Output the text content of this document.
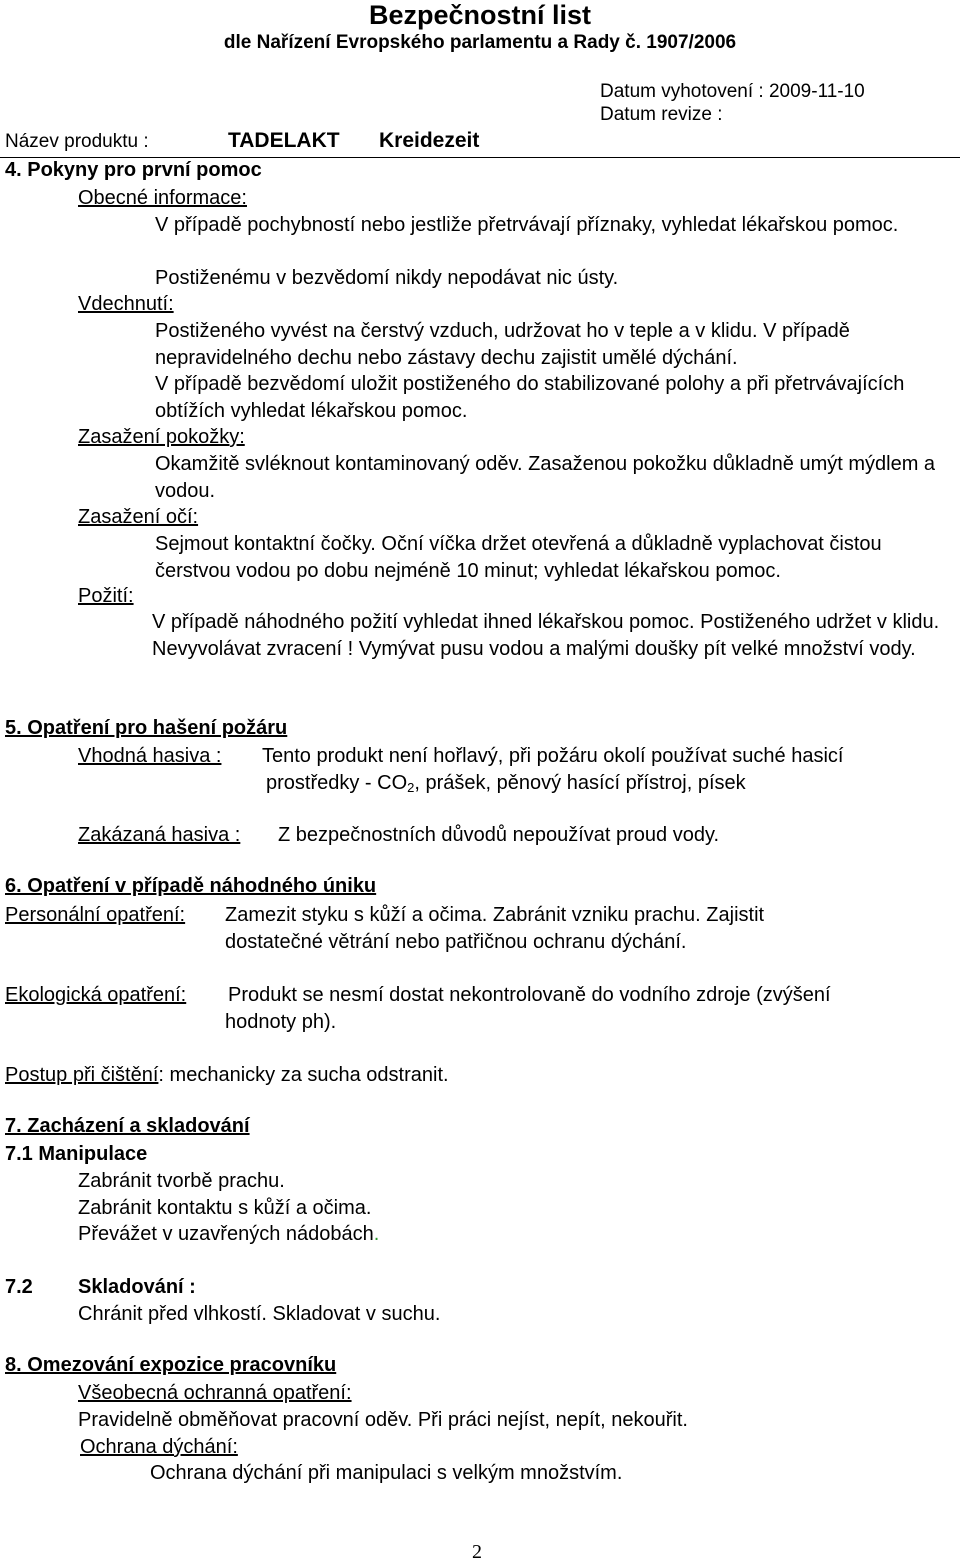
Bezpečnostní list
dle Nařízení Evropského parlamentu a Rady č. 1907/2006
Datum vyhotovení : 2009-11-10
Datum revize :
Název produktu :	TADELAKT Kreidezeit
4. Pokyny pro první pomoc
Obecné informace:
V případě pochybností nebo jestliže přetrvávají příznaky, vyhledat lékařskou pomoc.
Postiženému v bezvědomí nikdy nepodávat nic ústy.
Vdechnutí:
Postiženého vyvést na čerstvý vzduch, udržovat ho v teple a v klidu. V případě nepravidelného dechu nebo zástavy dechu zajistit umělé dýchání.
V případě bezvědomí uložit postiženého do stabilizované polohy a při přetrvávajících obtížích vyhledat lékařskou pomoc.
Zasažení pokožky:
Okamžitě svléknout kontaminovaný oděv. Zasaženou pokožku důkladně umýt mýdlem a vodou.
Zasažení očí:
Sejmout kontaktní čočky. Oční víčka držet otevřená a důkladně vyplachovat čistou čerstvou vodou po dobu nejméně 10 minut; vyhledat lékařskou pomoc.
Požití:
V případě náhodného požití vyhledat ihned lékařskou pomoc. Postiženého udržet v klidu. Nevyvolávat zvracení ! Vymývat pusu vodou a malými doušky pít velké množství vody.
5. Opatření pro hašení požáru
Vhodná hasiva : Tento produkt není hořlavý, při požáru okolí používat suché hasicí
prostředky - $CO_2$, prášek, pěnový hasící přístroj, písek
Zakázaná hasiva : Z bezpečnostních důvodů nepoužívat proud vody.
6. Opatření v případě náhodného úniku
Personální opatření: Zamezit styku s kůží a očima. Zabránit vzniku prachu. Zajistit
dostatečné větrání nebo patřičnou ochranu dýchání.
Ekologická opatření: Produkt se nesmí dostat nekontrolovaně do vodního zdroje (zvýšení
hodnoty ph).
Postup při čištění: mechanicky za sucha odstranit.
7. Zacházení a skladování
7.1 Manipulace
Zabránit tvorbě prachu.
Zabránit kontaktu s kůží a očima.
Převážet v uzavřených nádobách.
7.2 Skladování :
Chránit před vlhkostí. Skladovat v suchu.
8. Omezování expozice pracovníku
Všeobecná ochranná opatření:
Pravidelně obměňovat pracovní oděv. Při práci nejíst, nepít, nekouřit.
Ochrana dýchání:
Ochrana dýchání při manipulaci s velkým množstvím.
2
